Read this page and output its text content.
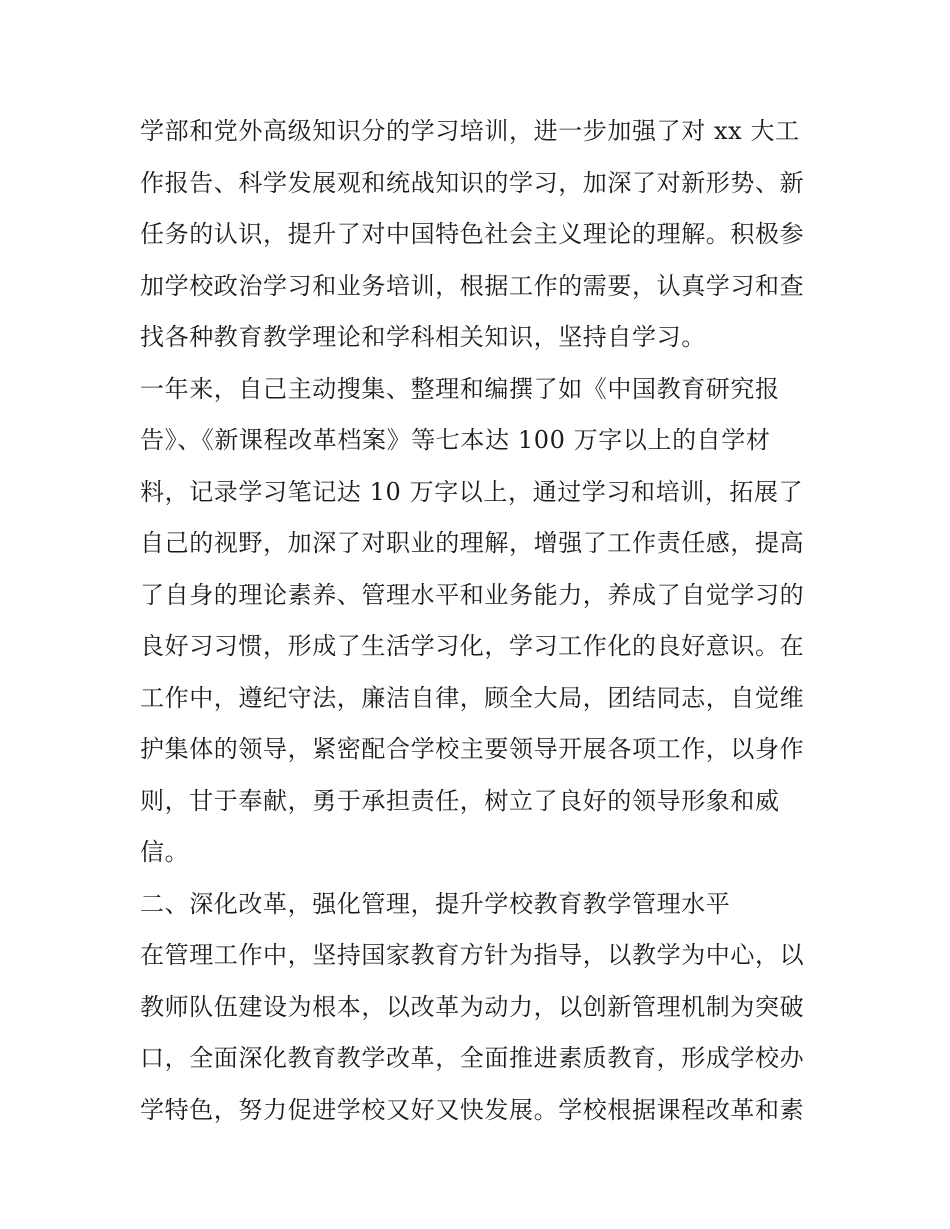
学部和党外高级知识分的学习培训，进一步加强了对 xx 大工
作报告、科学发展观和统战知识的学习，加深了对新形势、新
任务的认识，提升了对中国特色社会主义理论的理解。积极参
加学校政治学习和业务培训，根据工作的需要，认真学习和查
找各种教育教学理论和学科相关知识，坚持自学习。
一年来，自己主动搜集、整理和编撰了如《中国教育研究报
告》、《新课程改革档案》等七本达 100 万字以上的自学材
料，记录学习笔记达 10 万字以上，通过学习和培训，拓展了
自己的视野，加深了对职业的理解，增强了工作责任感，提高
了自身的理论素养、管理水平和业务能力，养成了自觉学习的
良好习习惯，形成了生活学习化，学习工作化的良好意识。在
工作中，遵纪守法，廉洁自律，顾全大局，团结同志，自觉维
护集体的领导，紧密配合学校主要领导开展各项工作，以身作
则，甘于奉献，勇于承担责任，树立了良好的领导形象和威
信。
二、深化改革，强化管理，提升学校教育教学管理水平
在管理工作中，坚持国家教育方针为指导，以教学为中心，以
教师队伍建设为根本，以改革为动力，以创新管理机制为突破
口，全面深化教育教学改革，全面推进素质教育，形成学校办
学特色，努力促进学校又好又快发展。学校根据课程改革和素
